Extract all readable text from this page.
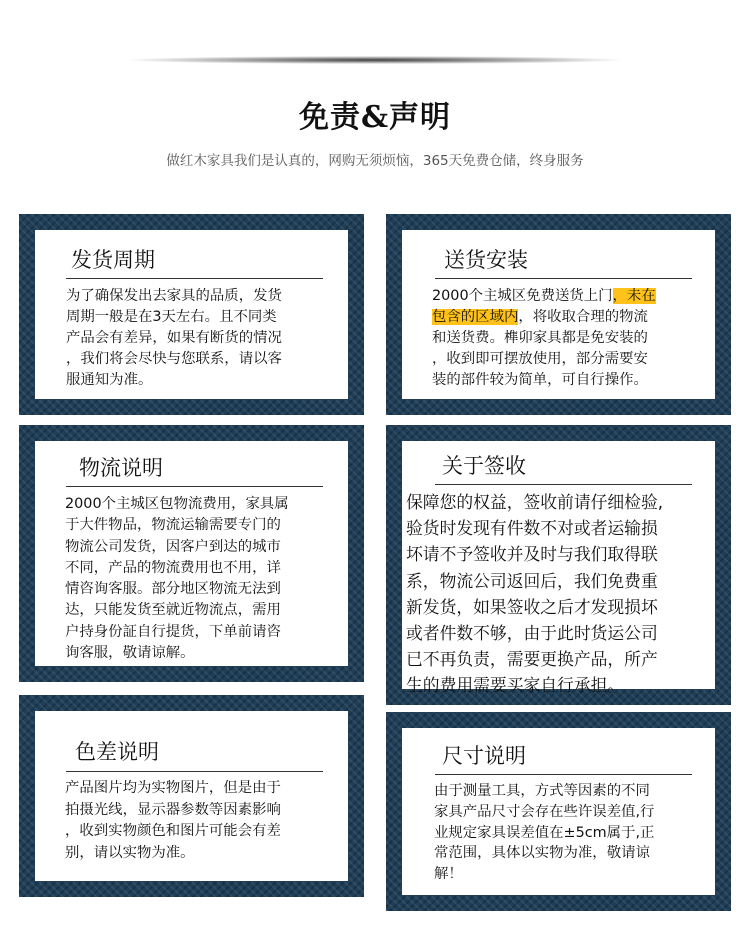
免责&声明
做红木家具我们是认真的，网购无须烦恼，365天免费仓储，终身服务
发货周期
为了确保发出去家具的品质，发货
周期一般是在3天左右。且不同类
产品会有差异，如果有断货的情况
，我们将会尽快与您联系，请以客
服通知为准。
送货安装
2000个主城区免费送货上门，未在
包含的区域内，将收取合理的物流
和送货费。榫卯家具都是免安装的
，收到即可摆放使用，部分需要安
装的部件较为简单，可自行操作。
物流说明
2000个主城区包物流费用，家具属
于大件物品，物流运输需要专门的
物流公司发货，因客户到达的城市
不同，产品的物流费用也不用，详
情咨询客服。部分地区物流无法到
达，只能发货至就近物流点，需用
户持身份証自行提货，下单前请咨
询客服，敬请谅解。
关于签收
保障您的权益，签收前请仔细检验,
验货时发现有件数不对或者运输损
坏请不予签收并及时与我们取得联
系，物流公司返回后，我们免费重
新发货，如果签收之后才发现损坏
或者件数不够，由于此时货运公司
已不再负责，需要更换产品，所产
生的费用需要买家自行承担。
色差说明
产品图片均为实物图片，但是由于
拍摄光线，显示器参数等因素影响
，收到实物颜色和图片可能会有差
别，请以实物为准。
尺寸说明
由于测量工具，方式等因素的不同
家具产品尺寸会存在些许误差值,行
业规定家具误差值在±5cm属于,正
常范围，具体以实物为准，敬请谅
解！
